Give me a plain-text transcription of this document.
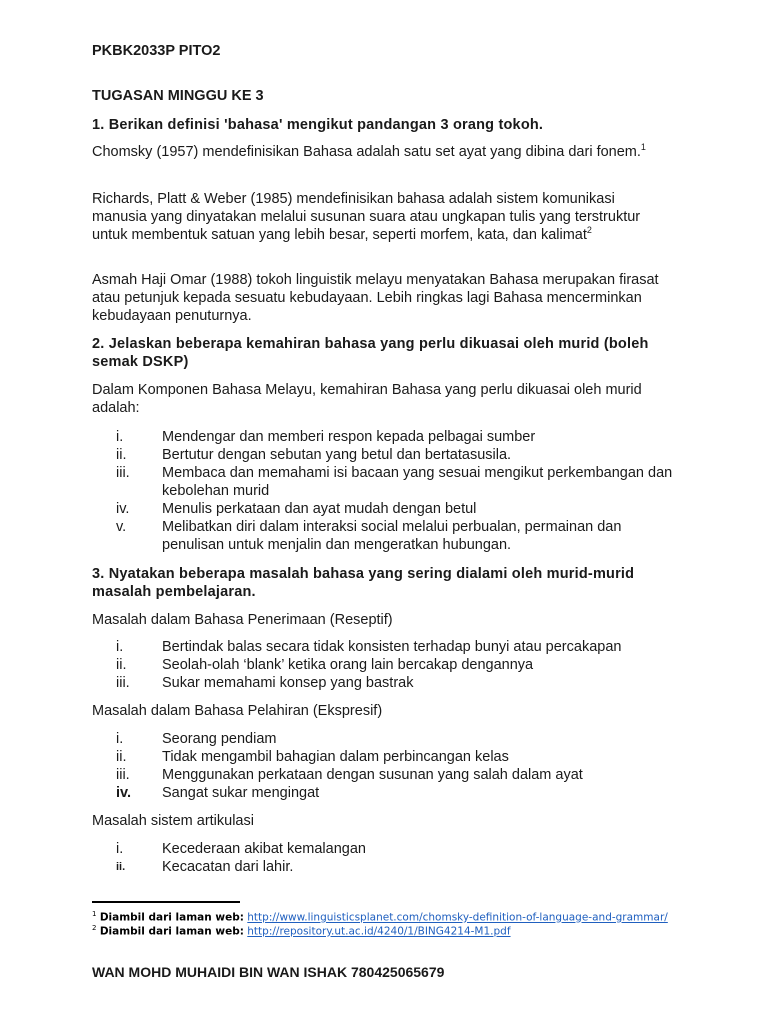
PKBK2033P PITO2
TUGASAN MINGGU KE 3
1. Berikan definisi 'bahasa' mengikut pandangan 3 orang tokoh.
Chomsky (1957) mendefinisikan Bahasa adalah satu set ayat yang dibina dari fonem.$^1$
Richards, Platt & Weber (1985) mendefinisikan bahasa adalah sistem komunikasi manusia yang dinyatakan melalui susunan suara atau ungkapan tulis yang terstruktur untuk membentuk satuan yang lebih besar, seperti morfem, kata, dan kalimat$^2$
Asmah Haji Omar (1988) tokoh linguistik melayu menyatakan Bahasa merupakan firasat atau petunjuk kepada sesuatu kebudayaan. Lebih ringkas lagi Bahasa mencerminkan kebudayaan penuturnya.
2. Jelaskan beberapa kemahiran bahasa yang perlu dikuasai oleh murid (boleh semak DSKP)
Dalam Komponen Bahasa Melayu, kemahiran Bahasa yang perlu dikuasai oleh murid adalah:
i.	Mendengar dan memberi respon kepada pelbagai sumber
ii. Bertutur dengan sebutan yang betul dan bertatasusila.
iii. Membaca dan memahami isi bacaan yang sesuai mengikut perkembangan dan kebolehan murid
iv. Menulis perkataan dan ayat mudah dengan betul
v. Melibatkan diri dalam interaksi social melalui perbualan, permainan dan penulisan untuk menjalin dan mengeratkan hubungan.
3. Nyatakan beberapa masalah bahasa yang sering dialami oleh murid-murid masalah pembelajaran.
Masalah dalam Bahasa Penerimaan (Reseptif)
i.	Bertindak balas secara tidak konsisten terhadap bunyi atau percakapan
ii. Seolah-olah ‘blank’ ketika orang lain bercakap dengannya
iii. Sukar memahami konsep yang bastrak
Masalah dalam Bahasa Pelahiran (Ekspresif)
i.	Seorang pendiam
ii. Tidak mengambil bahagian dalam perbincangan kelas
iii. Menggunakan perkataan dengan susunan yang salah dalam ayat
iv. Sangat sukar mengingat
Masalah sistem artikulasi
i.	Kecederaan akibat kemalangan
ii.	Kecacatan dari lahir.
$^1$ Diambil dari laman web: http://www.linguisticsplanet.com/chomsky-definition-of-language-and-grammar/
$^2$ Diambil dari laman web: http://repository.ut.ac.id/4240/1/BING4214-M1.pdf
WAN MOHD MUHAIDI BIN WAN ISHAK 780425065679
